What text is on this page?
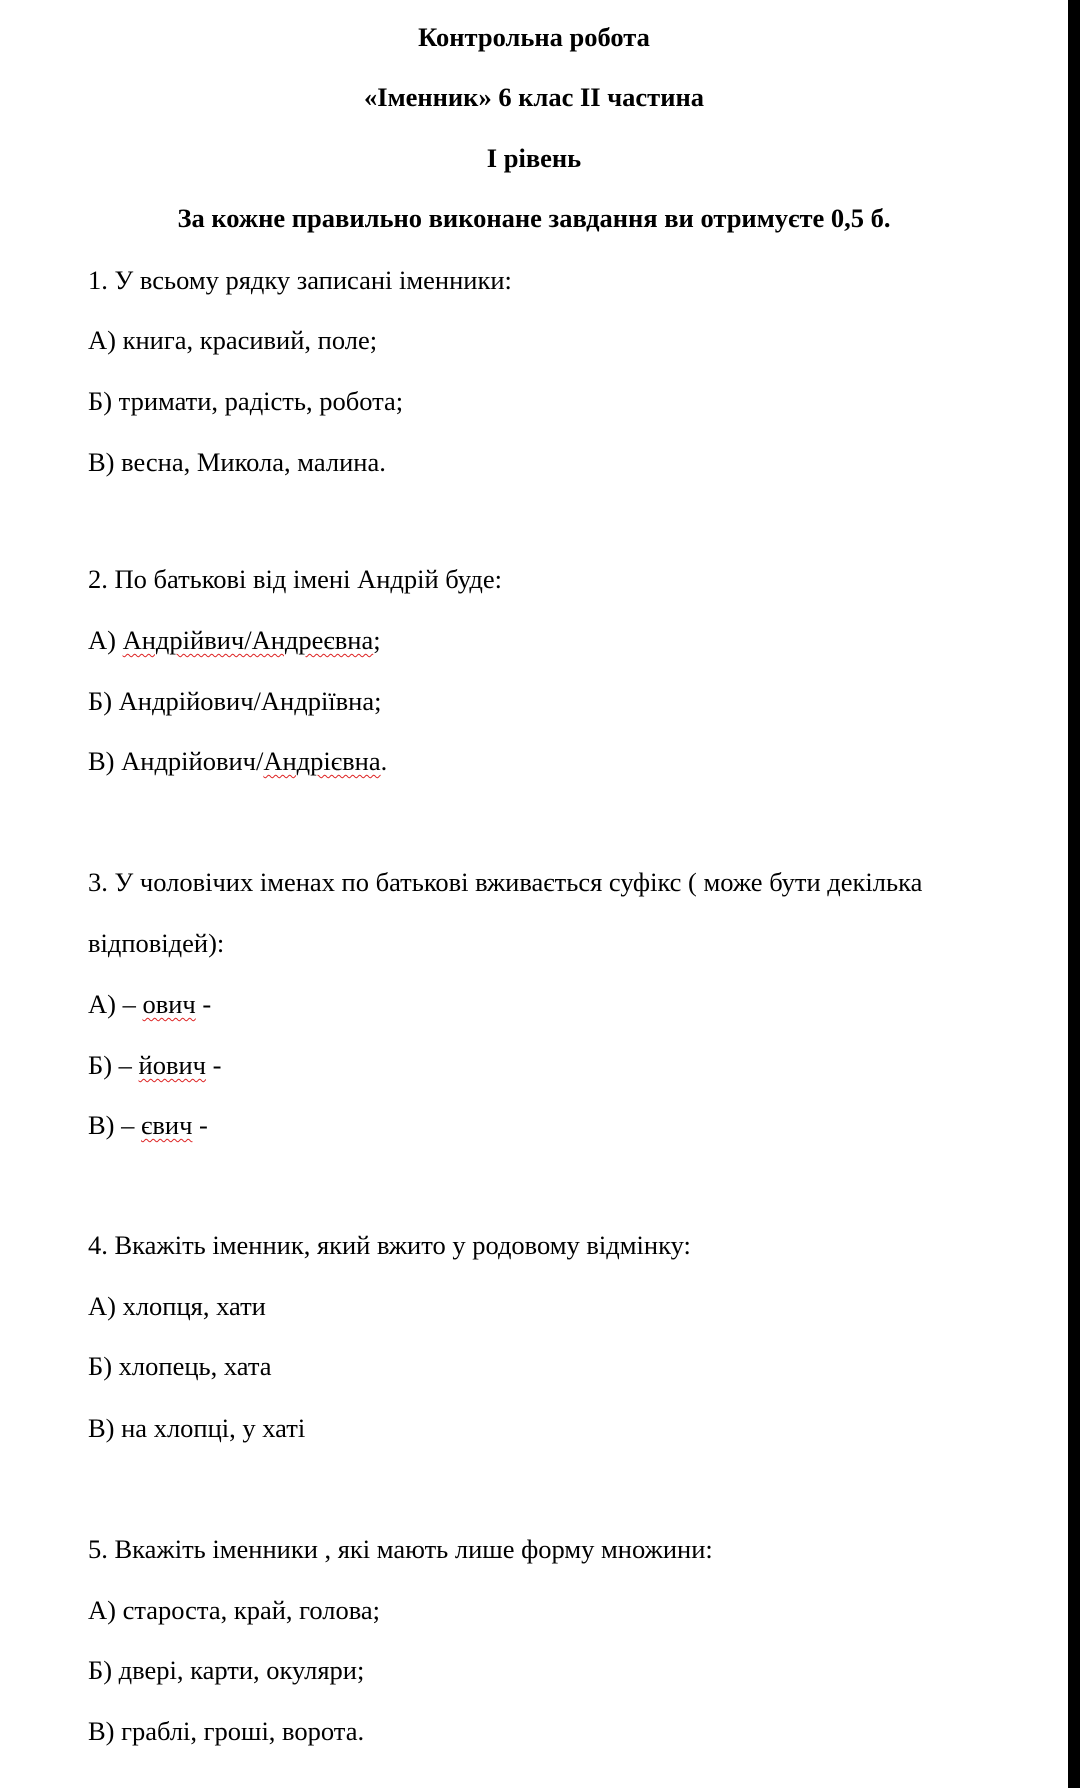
Контрольна робота
«Іменник» 6 клас ІІ частина
І рівень
За кожне правильно виконане завдання ви отримуєте 0,5 б.
1. У всьому рядку записані іменники:
А) книга, красивий, поле;
Б) тримати, радість, робота;
В) весна, Микола, малина.
2. По батькові від імені Андрій буде:
А) Андрійвич/Андреєвна;
Б) Андрійович/Андріївна;
В) Андрійович/Андрієвна.
3. У чоловічих іменах по батькові вживається суфікс ( може бути декілька
відповідей):
А) – ович -
Б) – йович -
В) – євич -
4. Вкажіть іменник, який вжито у родовому відмінку:
А) хлопця, хати
Б) хлопець, хата
В) на хлопці, у хаті
5. Вкажіть іменники , які мають лише форму множини:
А) староста, край, голова;
Б) двері, карти, окуляри;
В) граблі, гроші, ворота.
